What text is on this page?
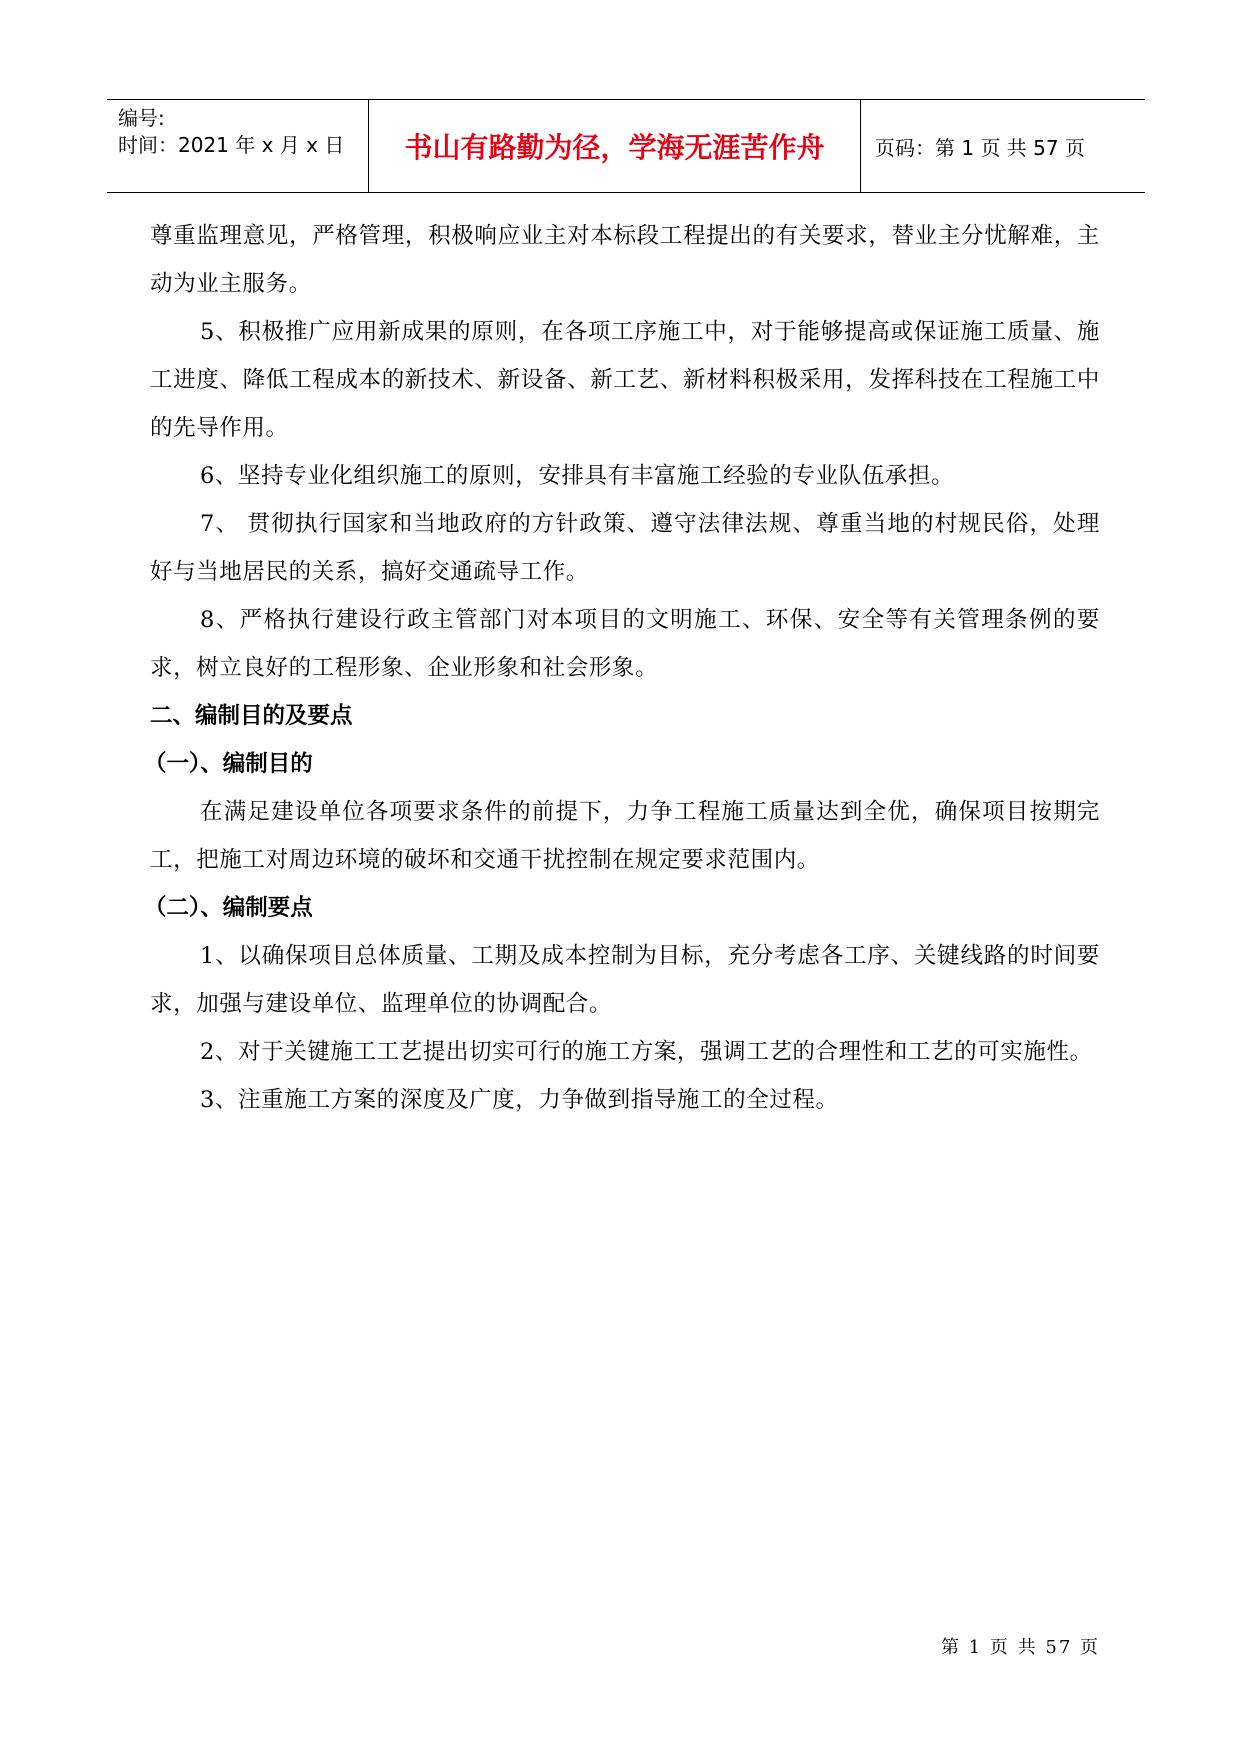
编号:
时间：2021 年 x 月 x 日 书山有路勤为径，学海无涯苦作舟	页码：第 1 页 共 57 页

尊重监理意见，严格管理，积极响应业主对本标段工程提出的有关要求，替业主分忧解难，主动为业主服务。

5、积极推广应用新成果的原则，在各项工序施工中，对于能够提高或保证施工质量、施工进度、降低工程成本的新技术、新设备、新工艺、新材料积极采用，发挥科技在工程施工中的先导作用。

6、坚持专业化组织施工的原则，安排具有丰富施工经验的专业队伍承担。

7、 贯彻执行国家和当地政府的方针政策、遵守法律法规、尊重当地的村规民俗，处理好与当地居民的关系，搞好交通疏导工作。

8、严格执行建设行政主管部门对本项目的文明施工、环保、安全等有关管理条例的要求，树立良好的工程形象、企业形象和社会形象。

二、编制目的及要点

（一）、编制目的

在满足建设单位各项要求条件的前提下，力争工程施工质量达到全优，确保项目按期完工，把施工对周边环境的破坏和交通干扰控制在规定要求范围内。

（二）、编制要点

1、以确保项目总体质量、工期及成本控制为目标，充分考虑各工序、关键线路的时间要求，加强与建设单位、监理单位的协调配合。

2、对于关键施工工艺提出切实可行的施工方案，强调工艺的合理性和工艺的可实施性。

3、注重施工方案的深度及广度，力争做到指导施工的全过程。

第 1 页 共 57 页
